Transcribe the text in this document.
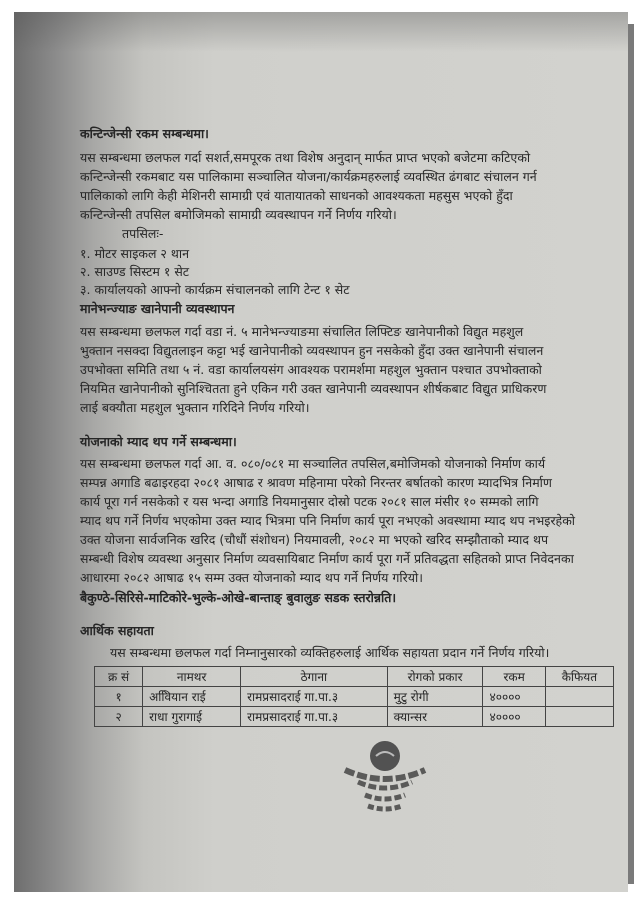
कन्टिन्जेन्सी रकम सम्बन्धमा।
यस सम्बन्धमा छलफल गर्दा सशर्त,समपूरक तथा विशेष अनुदान् मार्फत प्राप्त भएको बजेटमा कटिएको
कन्टिन्जेन्सी रकमबाट यस पालिकामा सञ्चालित योजना/कार्यक्रमहरुलाई व्यवस्थित ढंगबाट संचालन गर्न
पालिकाको लागि केही मेशिनरी सामाग्री एवं यातायातको साधनको आवश्यकता महसुस भएको हुँदा
कन्टिन्जेन्सी तपसिल बमोजिमको सामाग्री व्यवस्थापन गर्ने निर्णय गरियो।
तपसिलः-
१. मोटर साइकल २ थान
२. साउण्ड सिस्टम १ सेट
३. कार्यालयको आफ्नो कार्यक्रम संचालनको लागि टेन्ट १ सेट
मानेभन्ज्याङ खानेपानी व्यवस्थापन
यस सम्बन्धमा छलफल गर्दा वडा नं. ५ मानेभन्ज्याङमा संचालित लिफ्टिङ खानेपानीको विद्युत महशुल
भुक्तान नसक्दा विद्युतलाइन कट्टा भई खानेपानीको व्यवस्थापन हुन नसकेको हुँदा उक्त खानेपानी संचालन
उपभोक्ता समिति तथा ५ नं. वडा कार्यालयसंग आवश्यक परामर्शमा महशुल भुक्तान पश्चात उपभोक्ताको
नियमित खानेपानीको सुनिश्चितता हुने एकिन गरी उक्त खानेपानी व्यवस्थापन शीर्षकबाट विद्युत प्राधिकरण
लाई बक्यौता महशुल भुक्तान गरिदिने निर्णय गरियो।
योजनाको म्याद थप गर्ने सम्बन्धमा।
यस सम्बन्धमा छलफल गर्दा आ. व. ०८०/०८१ मा सञ्चालित तपसिल,बमोजिमको योजनाको निर्माण कार्य
सम्पन्न अगाडि बढाइरहदा २०८१ आषाढ र श्रावण महिनामा परेको निरन्तर बर्षातको कारण म्यादभित्र निर्माण
कार्य पूरा गर्न नसकेको र यस भन्दा अगाडि नियमानुसार दोस्रो पटक २०८१ साल मंसीर १० सम्मको लागि
म्याद थप गर्ने निर्णय भएकोमा उक्त म्याद भित्रमा पनि निर्माण कार्य पूरा नभएको अवस्थामा म्याद थप नभइरहेको
उक्त योजना सार्वजनिक खरिद (चौधौं संशोधन) नियमावली, २०८२ मा भएको खरिद सम्झौताको म्याद थप
सम्बन्धी विशेष व्यवस्था अनुसार निर्माण व्यवसायिबाट निर्माण कार्य पूरा गर्ने प्रतिवद्धता सहितको प्राप्त निवेदनका
आधारमा २०८२ आषाढ १५ सम्म उक्त योजनाको म्याद थप गर्ने निर्णय गरियो।
बैकुण्ठे-सिरिसे-माटिकोरे-भुल्के-ओखे-बान्ताङ् बुवालुङ सडक स्तरोन्नति।
आर्थिक सहायता
यस सम्बन्धमा छलफल गर्दा निम्नानुसारको व्यक्तिहरुलाई आर्थिक सहायता प्रदान गर्ने निर्णय गरियो।
क्र सं	नामथर	ठेगाना	रोगको प्रकार	रकम	कैफियत
१	अविियान राई	रामप्रसादराई गा.पा.३	मुटु रोगी	४००००	
२	राधा गुरागाई	रामप्रसादराई गा.पा.३	क्यान्सर	४००००	
